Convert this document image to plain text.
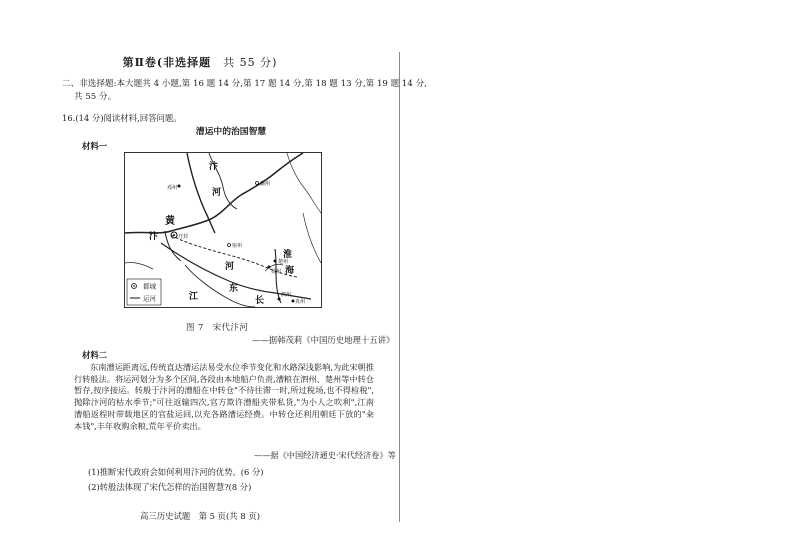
第Ⅱ卷(非选择题　 共 55 分)
二、非选择题:本大题共 4 小题,第 16 题 14 分,第 17 题 14 分,第 18 题 13 分,第 19 题 14 分,
共 55 分。
16.(14 分)阅读材料,回答问题。
漕运中的治国智慧
材料一
都城
运河
汴
河
黄
汴
淮
河
东
海
江	长
开封
邓州
幽州
宿州
楚州
扬州
泗州
真州
图 7　宋代汴河
——据韩茂莉《中国历史地理十五讲》
材料二

东南漕运距离远,传统直达漕运法易受水位季节变化和水路深浅影响,为此宋朝推行转般法。将运河划分为多个区间,各段由本地船户负责,漕粮在泗州、楚州等中转仓暂存,按序接运。转般于汴河的漕船在中转仓"不待往滞一时,所过税场,也不得检税",抛除汴河的枯水季节;"可往返输四次,官方欺许漕船夹带私货,"为小人之吹利",江南漕船返程时带载地区的官盐运回,以充各路漕运经费。中转仓还利用朝廷下放的"籴本钱",丰年收购余粮,荒年平价卖出。

——据《中国经济通史·宋代经济卷》等
(1)推断宋代政府会如何利用汴河的优势。(6 分)
(2)转般法体现了宋代怎样的治国智慧?(8 分)
高三历史试题　第 5 页(共 8 页)
